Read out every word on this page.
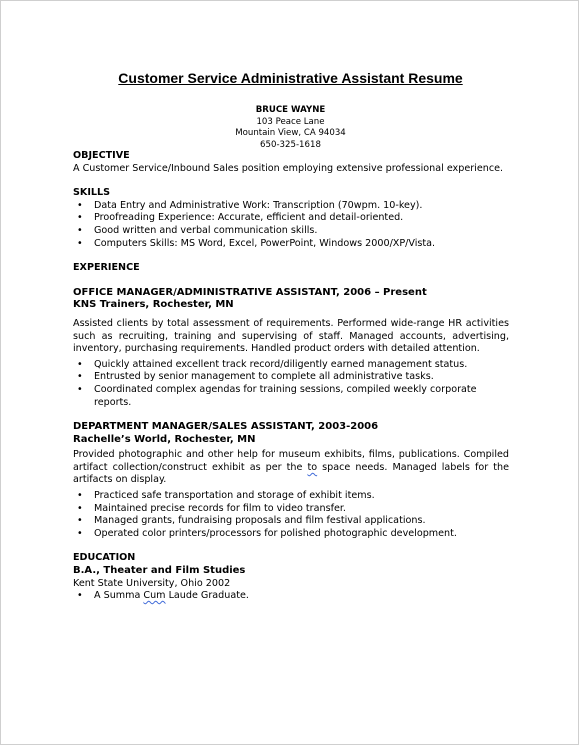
Customer Service Administrative Assistant Resume
BRUCE WAYNE
103 Peace Lane
Mountain View, CA 94034
650-325-1618
OBJECTIVE
A Customer Service/Inbound Sales position employing extensive professional experience.
SKILLS
• Data Entry and Administrative Work: Transcription (70wpm. 10-key).
• Proofreading Experience: Accurate, efficient and detail-oriented.
• Good written and verbal communication skills.
• Computers Skills: MS Word, Excel, PowerPoint, Windows 2000/XP/Vista.
EXPERIENCE
OFFICE MANAGER/ADMINISTRATIVE ASSISTANT, 2006 – Present
KNS Trainers, Rochester, MN
Assisted clients by total assessment of requirements. Performed wide-range HR activities such as recruiting, training and supervising of staff. Managed accounts, advertising, inventory, purchasing requirements. Handled product orders with detailed attention.
• Quickly attained excellent track record/diligently earned management status.
• Entrusted by senior management to complete all administrative tasks.
• Coordinated complex agendas for training sessions, compiled weekly corporate reports.
DEPARTMENT MANAGER/SALES ASSISTANT, 2003-2006
Rachelle’s World, Rochester, MN
Provided photographic and other help for museum exhibits, films, publications. Compiled artifact collection/construct exhibit as per the to space needs. Managed labels for the artifacts on display.
• Practiced safe transportation and storage of exhibit items.
• Maintained precise records for film to video transfer.
• Managed grants, fundraising proposals and film festival applications.
• Operated color printers/processors for polished photographic development.
EDUCATION
B.A., Theater and Film Studies
Kent State University, Ohio 2002
• A Summa Cum Laude Graduate.
